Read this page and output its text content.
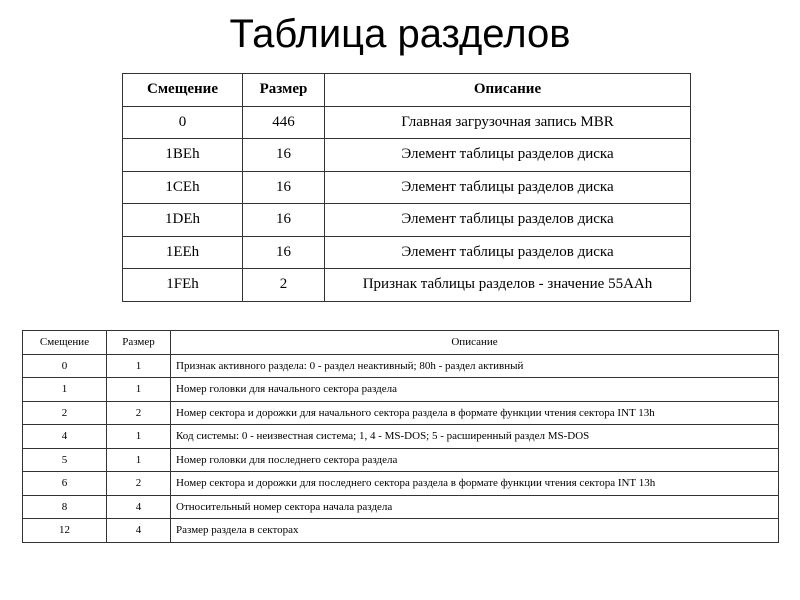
Таблица разделов
Смещение	Размер	Описание
0	446	Главная загрузочная запись MBR
1BEh	16	Элемент таблицы разделов диска
1CEh	16	Элемент таблицы разделов диска
1DEh	16	Элемент таблицы разделов диска
1EEh	16	Элемент таблицы разделов диска
1FEh	2	Признак таблицы разделов - значение 55AAh
Смещение	Размер	Описание
0	1	Признак активного раздела: 0 - раздел неактивный; 80h - раздел активный
1	1	Номер головки для начального сектора раздела
2	2	Номер сектора и дорожки для начального сектора раздела в формате функции чтения сектора INT 13h
4	1	Код системы: 0 - неизвестная система; 1, 4 - MS-DOS; 5 - расширенный раздел MS-DOS
5	1	Номер головки для последнего сектора раздела
6	2	Номер сектора и дорожки для последнего сектора раздела в формате функции чтения сектора INT 13h
8	4	Относительный номер сектора начала раздела
12	4	Размер раздела в секторах
